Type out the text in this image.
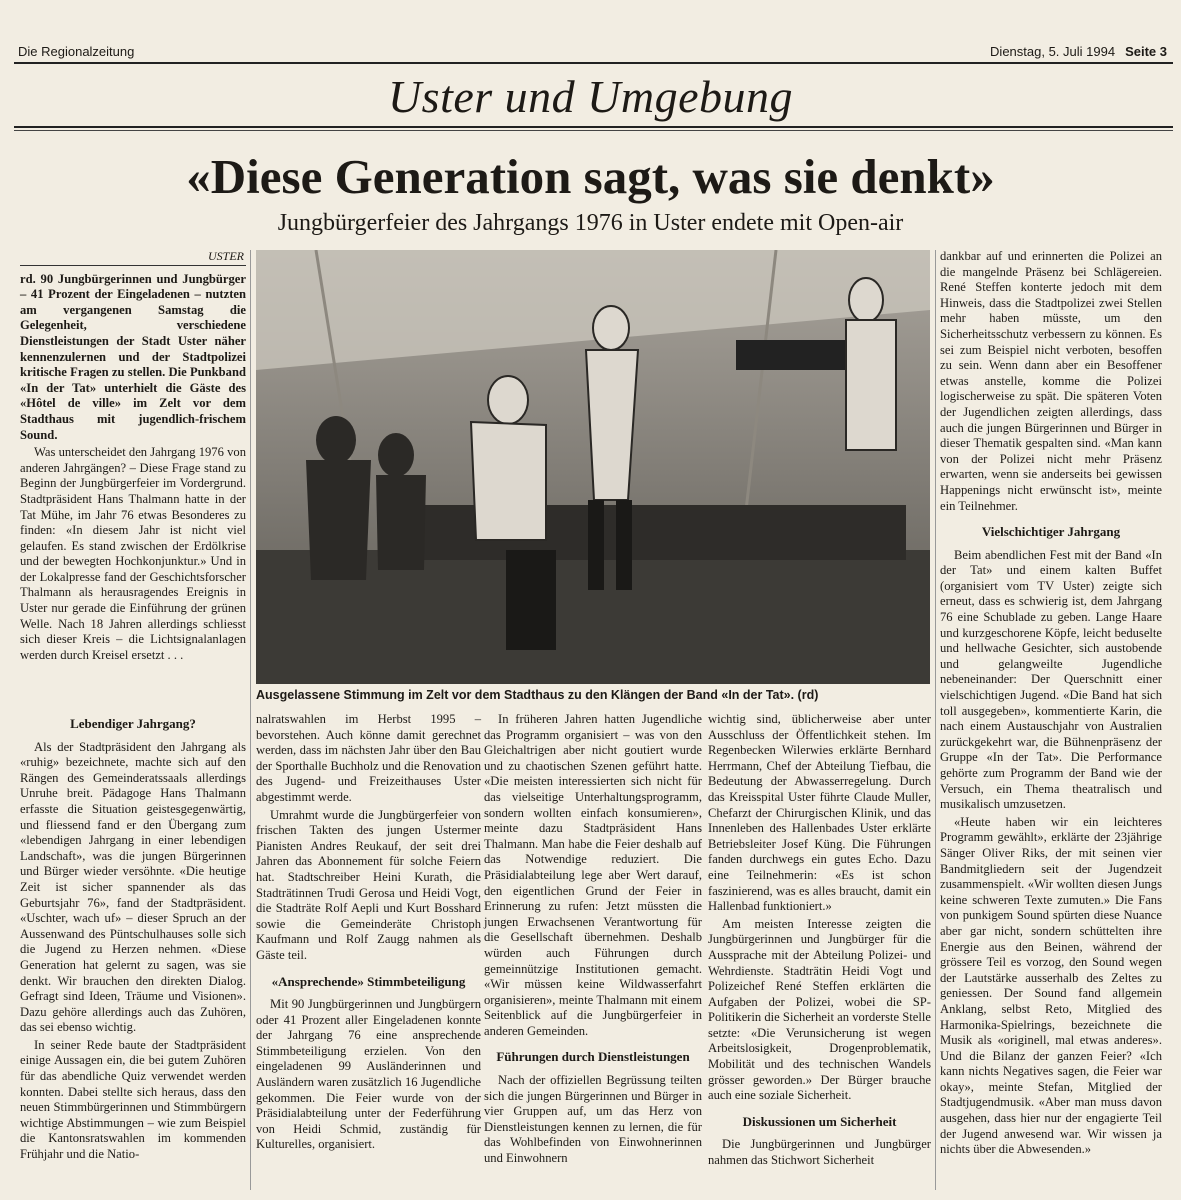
Die Regionalzeitung	Dienstag, 5. Juli 1994 Seite 3
Uster und Umgebung
«Diese Generation sagt, was sie denkt»
Jungbürgerfeier des Jahrgangs 1976 in Uster endete mit Open-air
USTER

rd. 90 Jungbürgerinnen und Jungbürger – 41 Prozent der Eingeladenen – nutzten am vergangenen Samstag die Gelegenheit, verschiedene Dienstleistungen der Stadt Uster näher kennenzulernen und der Stadtpolizei kritische Fragen zu stellen. Die Punkband «In der Tat» unterhielt die Gäste des «Hôtel de ville» im Zelt vor dem Stadthaus mit jugendlich-frischem Sound.

Was unterscheidet den Jahrgang 1976 von anderen Jahrgängen? – Diese Frage stand zu Beginn der Jungbürgerfeier im Vordergrund. Stadtpräsident Hans Thalmann hatte in der Tat Mühe, im Jahr 76 etwas Besonderes zu finden: «In diesem Jahr ist nicht viel gelaufen. Es stand zwischen der Erdölkrise und der bewegten Hochkonjunktur.» Und in der Lokalpresse fand der Geschichtsforscher Thalmann als herausragendes Ereignis in Uster nur gerade die Einführung der grünen Welle. Nach 18 Jahren allerdings schliesst sich dieser Kreis – die Lichtsignalanlagen werden durch Kreisel ersetzt . . .

Lebendiger Jahrgang?

Als der Stadtpräsident den Jahrgang als «ruhig» bezeichnete, machte sich auf den Rängen des Gemeinderatssaals allerdings Unruhe breit. Pädagoge Hans Thalmann erfasste die Situation geistesgegenwärtig, und fliessend fand er den Übergang zum «lebendigen Jahrgang in einer lebendigen Landschaft», was die jungen Bürgerinnen und Bürger wieder versöhnte. «Die heutige Zeit ist sicher spannender als das Geburtsjahr 76», fand der Stadtpräsident. «Uschter, wach uf» – dieser Spruch an der Aussenwand des Püntschulhauses solle sich die Jugend zu Herzen nehmen. «Diese Generation hat gelernt zu sagen, was sie denkt. Wir brauchen den direkten Dialog. Gefragt sind Ideen, Träume und Visionen». Dazu gehöre allerdings auch das Zuhören, das sei ebenso wichtig.

In seiner Rede baute der Stadtpräsident einige Aussagen ein, die bei gutem Zuhören für das abendliche Quiz verwendet werden konnten. Dabei stellte sich heraus, dass den neuen Stimmbürgerinnen und Stimmbürgern wichtige Abstimmungen – wie zum Beispiel die Kantonsratswahlen im kommenden Frühjahr und die Natio-

Ausgelassene Stimmung im Zelt vor dem Stadthaus zu den Klängen der Band «In der Tat». (rd)

nalratswahlen im Herbst 1995 – bevorstehen. Auch könne damit gerechnet werden, dass im nächsten Jahr über den Bau der Sporthalle Buchholz und die Renovation des Jugend- und Freizeithauses Uster abgestimmt werde.

Umrahmt wurde die Jungbürgerfeier von frischen Takten des jungen Ustermer Pianisten Andres Reukauf, der seit drei Jahren das Abonnement für solche Feiern hat. Stadtschreiber Heini Kurath, die Stadträtinnen Trudi Gerosa und Heidi Vogt, die Stadträte Rolf Aepli und Kurt Bosshard sowie die Gemeinderäte Christoph Kaufmann und Rolf Zaugg nahmen als Gäste teil.

«Ansprechende» Stimmbeteiligung

Mit 90 Jungbürgerinnen und Jungbürgern oder 41 Prozent aller Eingeladenen konnte der Jahrgang 76 eine ansprechende Stimmbeteiligung erzielen. Von den eingeladenen 99 Ausländerinnen und Ausländern waren zusätzlich 16 Jugendliche gekommen. Die Feier wurde von der Präsidialabteilung unter der Federführung von Heidi Schmid, zuständig für Kulturelles, organisiert.

In früheren Jahren hatten Jugendliche das Programm organisiert – was von den Gleichaltrigen aber nicht goutiert wurde und zu chaotischen Szenen geführt hatte. «Die meisten interessierten sich nicht für das vielseitige Unterhaltungsprogramm, sondern wollten einfach konsumieren», meinte dazu Stadtpräsident Hans Thalmann. Man habe die Feier deshalb auf das Notwendige reduziert. Die Präsidialabteilung lege aber Wert darauf, den eigentlichen Grund der Feier in Erinnerung zu rufen: Jetzt müssten die jungen Erwachsenen Verantwortung für die Gesellschaft übernehmen. Deshalb würden auch Führungen durch gemeinnützige Institutionen gemacht. «Wir müssen keine Wildwasserfahrt organisieren», meinte Thalmann mit einem Seitenblick auf die Jungbürgerfeier in anderen Gemeinden.

Führungen durch Dienstleistungen

Nach der offiziellen Begrüssung teilten sich die jungen Bürgerinnen und Bürger in vier Gruppen auf, um das Herz von Dienstleistungen kennen zu lernen, die für das Wohlbefinden von Einwohnerinnen und Einwohnern

wichtig sind, üblicherweise aber unter Ausschluss der Öffentlichkeit stehen. Im Regenbecken Wilerwies erklärte Bernhard Herrmann, Chef der Abteilung Tiefbau, die Bedeutung der Abwasserregelung. Durch das Kreisspital Uster führte Claude Muller, Chefarzt der Chirurgischen Klinik, und das Innenleben des Hallenbades Uster erklärte Betriebsleiter Josef Küng. Die Führungen fanden durchwegs ein gutes Echo. Dazu eine Teilnehmerin: «Es ist schon faszinierend, was es alles braucht, damit ein Hallenbad funktioniert.»

Am meisten Interesse zeigten die Jungbürgerinnen und Jungbürger für die Aussprache mit der Abteilung Polizei- und Wehrdienste. Stadträtin Heidi Vogt und Polizeichef René Steffen erklärten die Aufgaben der Polizei, wobei die SP-Politikerin die Sicherheit an vorderste Stelle setzte: «Die Verunsicherung ist wegen Arbeitslosigkeit, Drogenproblematik, Mobilität und des technischen Wandels grösser geworden.» Der Bürger brauche auch eine soziale Sicherheit.

Diskussionen um Sicherheit

Die Jungbürgerinnen und Jungbürger nahmen das Stichwort Sicherheit

dankbar auf und erinnerten die Polizei an die mangelnde Präsenz bei Schlägereien. René Steffen konterte jedoch mit dem Hinweis, dass die Stadtpolizei zwei Stellen mehr haben müsste, um den Sicherheitsschutz verbessern zu können. Es sei zum Beispiel nicht verboten, besoffen zu sein. Wenn dann aber ein Besoffener etwas anstelle, komme die Polizei logischerweise zu spät. Die späteren Voten der Jugendlichen zeigten allerdings, dass auch die jungen Bürgerinnen und Bürger in dieser Thematik gespalten sind. «Man kann von der Polizei nicht mehr Präsenz erwarten, wenn sie anderseits bei gewissen Happenings nicht erwünscht ist», meinte ein Teilnehmer.

Vielschichtiger Jahrgang

Beim abendlichen Fest mit der Band «In der Tat» und einem kalten Buffet (organisiert vom TV Uster) zeigte sich erneut, dass es schwierig ist, dem Jahrgang 76 eine Schublade zu geben. Lange Haare und kurzgeschorene Köpfe, leicht beduselte und hellwache Gesichter, sich austobende und gelangweilte Jugendliche nebeneinander: Der Querschnitt einer vielschichtigen Jugend. «Die Band hat sich toll ausgegeben», kommentierte Karin, die nach einem Austauschjahr von Australien zurückgekehrt war, die Bühnenpräsenz der Gruppe «In der Tat». Die Performance gehörte zum Programm der Band wie der Versuch, ein Thema theatralisch und musikalisch umzusetzen.

«Heute haben wir ein leichteres Programm gewählt», erklärte der 23jährige Sänger Oliver Riks, der mit seinen vier Bandmitgliedern seit der Jugendzeit zusammenspielt. «Wir wollten diesen Jungs keine schweren Texte zumuten.» Die Fans von punkigem Sound spürten diese Nuance aber gar nicht, sondern schüttelten ihre Energie aus den Beinen, während der grössere Teil es vorzog, den Sound wegen der Lautstärke ausserhalb des Zeltes zu geniessen. Der Sound fand allgemein Anklang, selbst Reto, Mitglied des Harmonika-Spielrings, bezeichnete die Musik als «originell, mal etwas anderes». Und die Bilanz der ganzen Feier? «Ich kann nichts Negatives sagen, die Feier war okay», meinte Stefan, Mitglied der Stadtjugendmusik. «Aber man muss davon ausgehen, dass hier nur der engagierte Teil der Jugend anwesend war. Wir wissen ja nichts über die Abwesenden.»
